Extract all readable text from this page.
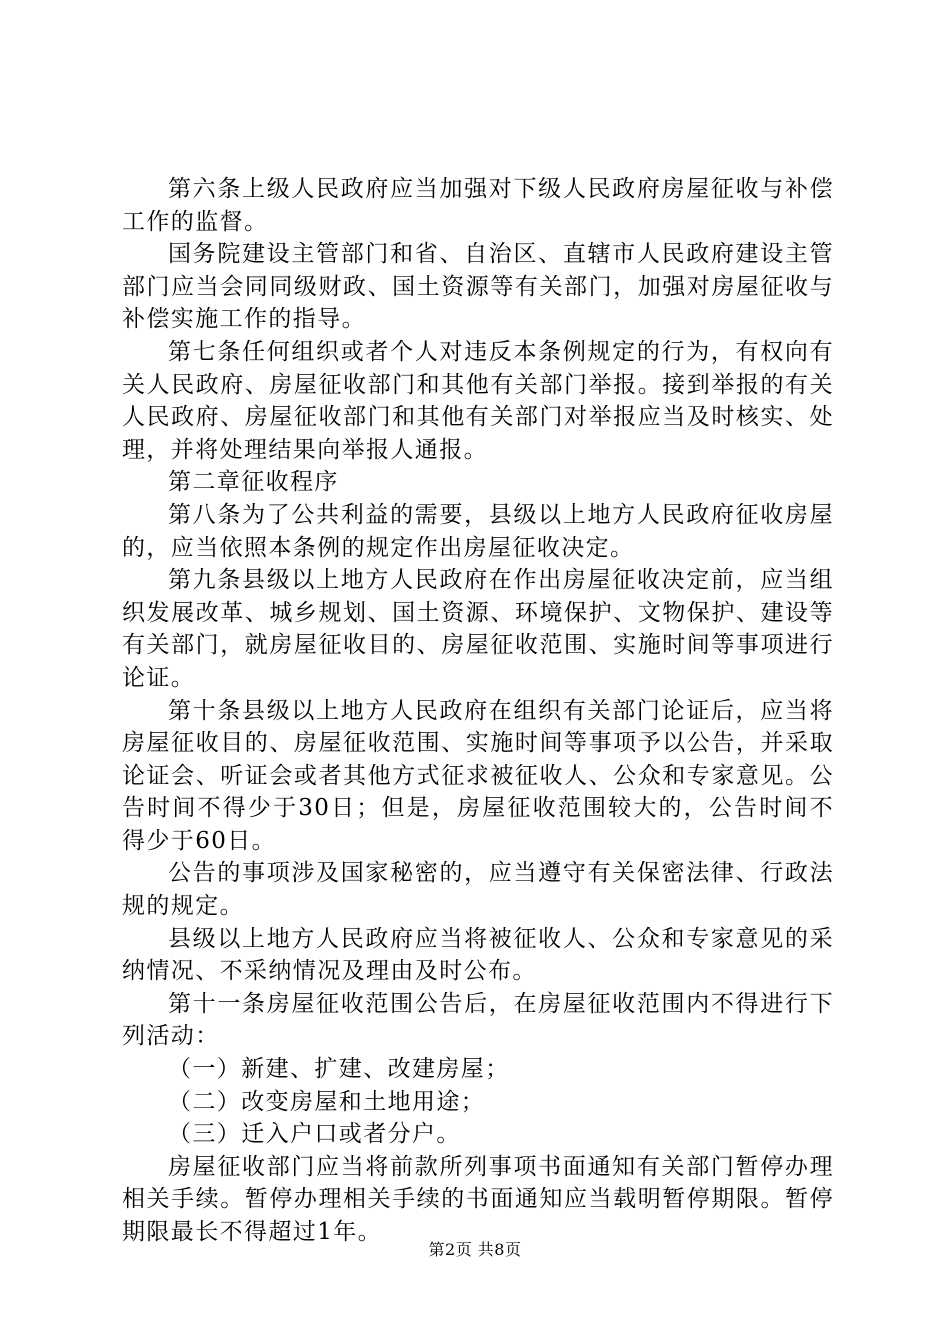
第六条上级人民政府应当加强对下级人民政府房屋征收与补偿工作的监督。

国务院建设主管部门和省、自治区、直辖市人民政府建设主管部门应当会同同级财政、国土资源等有关部门，加强对房屋征收与补偿实施工作的指导。

第七条任何组织或者个人对违反本条例规定的行为，有权向有关人民政府、房屋征收部门和其他有关部门举报。接到举报的有关人民政府、房屋征收部门和其他有关部门对举报应当及时核实、处理，并将处理结果向举报人通报。

第二章征收程序

第八条为了公共利益的需要，县级以上地方人民政府征收房屋的，应当依照本条例的规定作出房屋征收决定。

第九条县级以上地方人民政府在作出房屋征收决定前，应当组织发展改革、城乡规划、国土资源、环境保护、文物保护、建设等有关部门，就房屋征收目的、房屋征收范围、实施时间等事项进行论证。

第十条县级以上地方人民政府在组织有关部门论证后，应当将房屋征收目的、房屋征收范围、实施时间等事项予以公告，并采取论证会、听证会或者其他方式征求被征收人、公众和专家意见。公告时间不得少于30日；但是，房屋征收范围较大的，公告时间不得少于60日。

公告的事项涉及国家秘密的，应当遵守有关保密法律、行政法规的规定。

县级以上地方人民政府应当将被征收人、公众和专家意见的采纳情况、不采纳情况及理由及时公布。

第十一条房屋征收范围公告后，在房屋征收范围内不得进行下列活动：

（一）新建、扩建、改建房屋；

（二）改变房屋和土地用途；

（三）迁入户口或者分户。

房屋征收部门应当将前款所列事项书面通知有关部门暂停办理相关手续。暂停办理相关手续的书面通知应当载明暂停期限。暂停期限最长不得超过1年。

第2页 共8页
